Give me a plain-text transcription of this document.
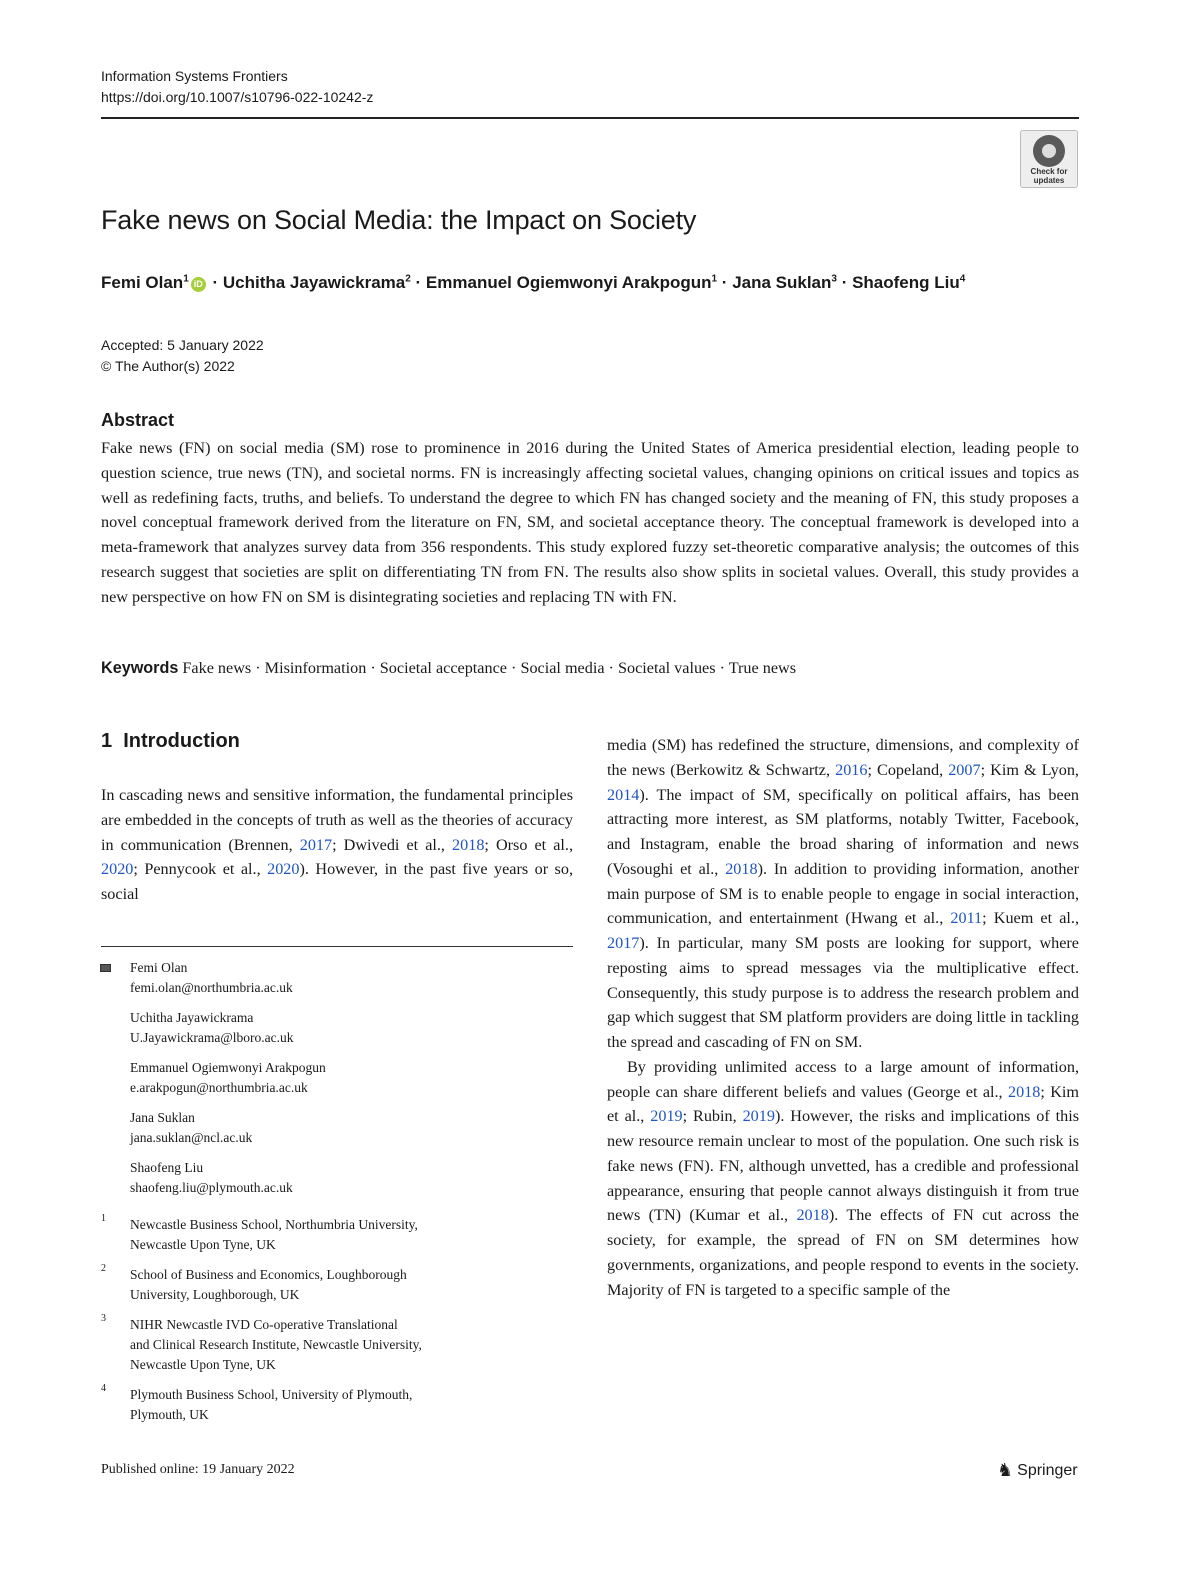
Information Systems Frontiers
https://doi.org/10.1007/s10796-022-10242-z
Check for
updates
Fake news on Social Media: the Impact on Society
Femi Olan$^1$ iD · Uchitha Jayawickrama$^2$ · Emmanuel Ogiemwonyi Arakpogun$^1$ · Jana Suklan$^3$ · Shaofeng Liu$^4$
Accepted: 5 January 2022
© The Author(s) 2022
Abstract

Fake news (FN) on social media (SM) rose to prominence in 2016 during the United States of America presidential election, leading people to question science, true news (TN), and societal norms. FN is increasingly affecting societal values, changing opinions on critical issues and topics as well as redefining facts, truths, and beliefs. To understand the degree to which FN has changed society and the meaning of FN, this study proposes a novel conceptual framework derived from the literature on FN, SM, and societal acceptance theory. The conceptual framework is developed into a meta-framework that analyzes survey data from 356 respondents. This study explored fuzzy set-theoretic comparative analysis; the outcomes of this research suggest that societies are split on differentiating TN from FN. The results also show splits in societal values. Overall, this study provides a new perspective on how FN on SM is disintegrating societies and replacing TN with FN.

Keywords Fake news · Misinformation · Societal acceptance · Social media · Societal values · True news
1 Introduction

In cascading news and sensitive information, the fundamental principles are embedded in the concepts of truth as well as the theories of accuracy in communication (Brennen, 2017; Dwivedi et al., 2018; Orso et al., 2020; Pennycook et al., 2020). However, in the past five years or so, social

media (SM) has redefined the structure, dimensions, and complexity of the news (Berkowitz & Schwartz, 2016; Copeland, 2007; Kim & Lyon, 2014). The impact of SM, specifically on political affairs, has been attracting more interest, as SM platforms, notably Twitter, Facebook, and Instagram, enable the broad sharing of information and news (Vosoughi et al., 2018). In addition to providing information, another main purpose of SM is to enable people to engage in social interaction, communication, and entertainment (Hwang et al., 2011; Kuem et al., 2017). In particular, many SM posts are looking for support, where reposting aims to spread messages via the multiplicative effect. Consequently, this study purpose is to address the research problem and gap which suggest that SM platform providers are doing little in tackling the spread and cascading of FN on SM.

By providing unlimited access to a large amount of information, people can share different beliefs and values (George et al., 2018; Kim et al., 2019; Rubin, 2019). However, the risks and implications of this new resource remain unclear to most of the population. One such risk is fake news (FN). FN, although unvetted, has a credible and professional appearance, ensuring that people cannot always distinguish it from true news (TN) (Kumar et al., 2018). The effects of FN cut across the society, for example, the spread of FN on SM determines how governments, organizations, and people respond to events in the society. Majority of FN is targeted to a specific sample of the

Femi Olan
femi.olan@northumbria.ac.uk
Uchitha Jayawickrama
U.Jayawickrama@lboro.ac.uk
Emmanuel Ogiemwonyi Arakpogun
e.arakpogun@northumbria.ac.uk
Jana Suklan
jana.suklan@ncl.ac.uk
Shaofeng Liu
shaofeng.liu@plymouth.ac.uk
1 Newcastle Business School, Northumbria University,
Newcastle Upon Tyne, UK
2 School of Business and Economics, Loughborough
University, Loughborough, UK
3 NIHR Newcastle IVD Co-operative Translational
and Clinical Research Institute, Newcastle University,
Newcastle Upon Tyne, UK
4 Plymouth Business School, University of Plymouth,
Plymouth, UK
Published online: 19 January 2022	♞ Springer
